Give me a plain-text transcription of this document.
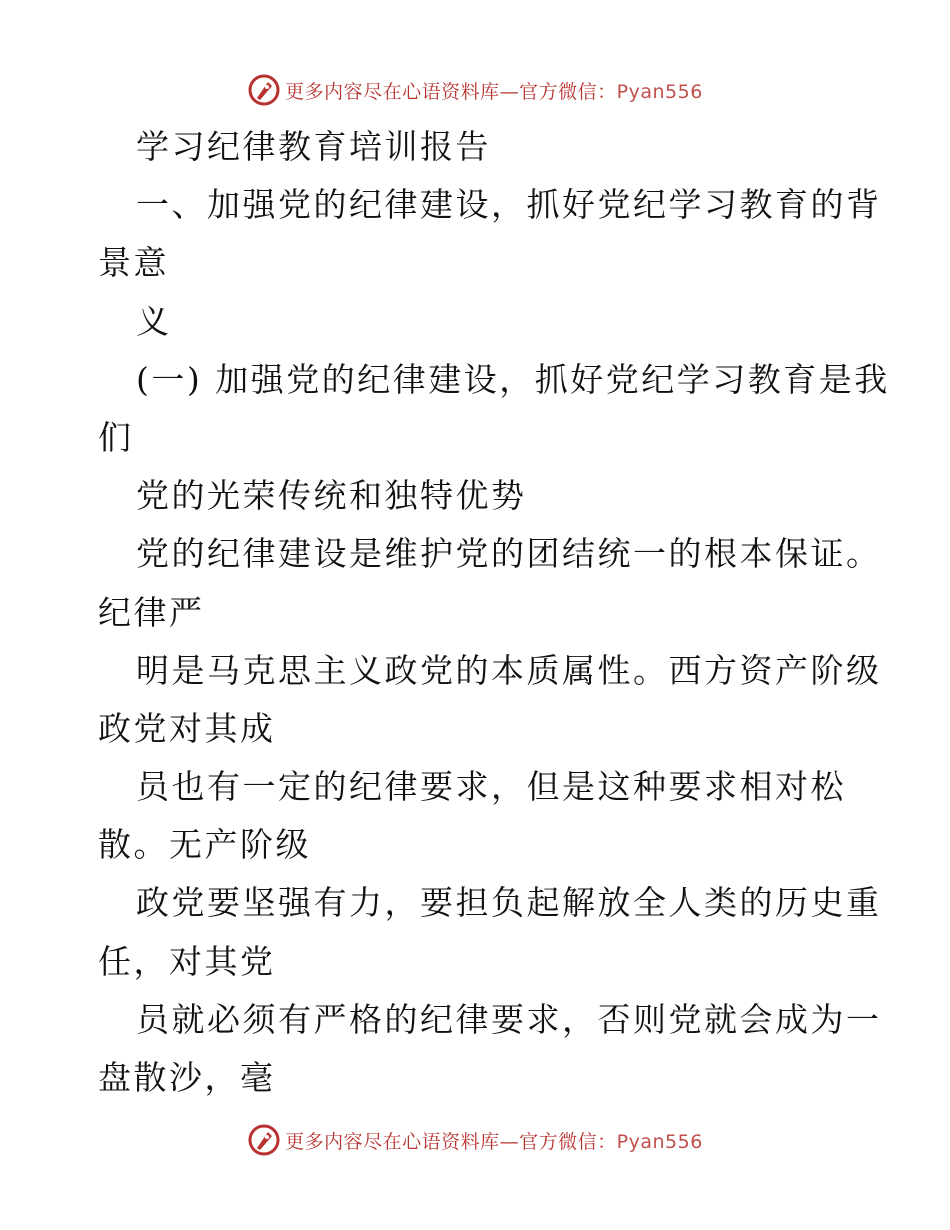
更多内容尽在心语资料库—官方微信：Pyan556
学习纪律教育培训报告
一、加强党的纪律建设，抓好党纪学习教育的背
景意
义
(一) 加强党的纪律建设，抓好党纪学习教育是我
们
党的光荣传统和独特优势
党的纪律建设是维护党的团结统一的根本保证。
纪律严
明是马克思主义政党的本质属性。西方资产阶级
政党对其成
员也有一定的纪律要求，但是这种要求相对松
散。无产阶级
政党要坚强有力，要担负起解放全人类的历史重
任，对其党
员就必须有严格的纪律要求，否则党就会成为一
盘散沙，毫
更多内容尽在心语资料库—官方微信：Pyan556
